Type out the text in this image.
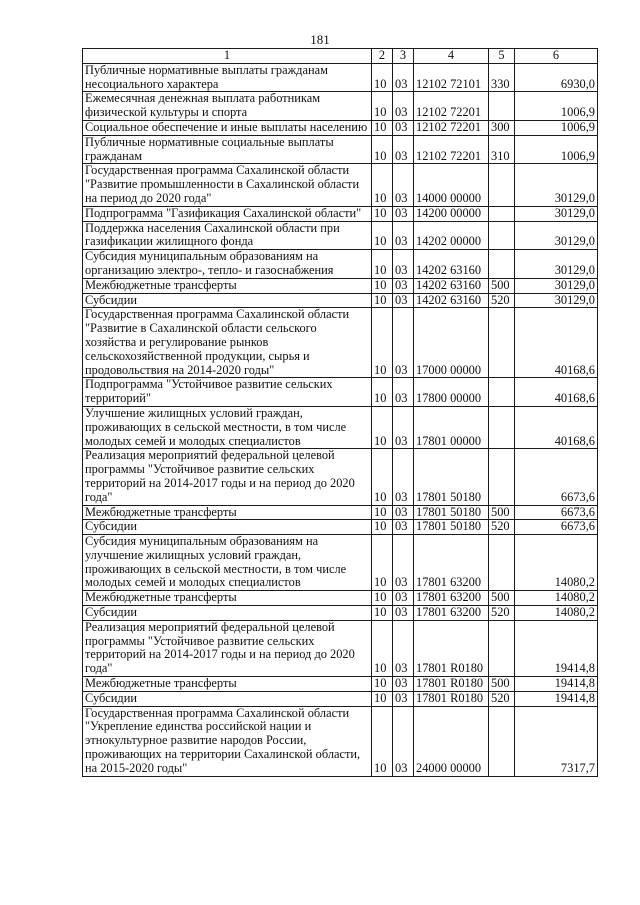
181
1	2	3	4	5	6
Публичные нормативные выплаты гражданам несоциального характера	10	03	12102 72101	330	6930,0
Ежемесячная денежная выплата работникам физической культуры и спорта	10	03	12102 72201		1006,9
Социальное обеспечение и иные выплаты населению	10	03	12102 72201	300	1006,9
Публичные нормативные социальные выплаты гражданам	10	03	12102 72201	310	1006,9
Государственная программа Сахалинской области "Развитие промышленности в Сахалинской области на период до 2020 года"	10	03	14000 00000		30129,0
Подпрограмма "Газификация Сахалинской области"	10	03	14200 00000		30129,0
Поддержка населения Сахалинской области при газификации жилищного фонда	10	03	14202 00000		30129,0
Субсидия муниципальным образованиям на организацию электро-, тепло- и газоснабжения	10	03	14202 63160		30129,0
Межбюджетные трансферты	10	03	14202 63160	500	30129,0
Субсидии	10	03	14202 63160	520	30129,0
Государственная программа Сахалинской области "Развитие в Сахалинской области сельского хозяйства и регулирование рынков сельскохозяйственной продукции, сырья и продовольствия на 2014-2020 годы"	10	03	17000 00000		40168,6
Подпрограмма "Устойчивое развитие сельских территорий"	10	03	17800 00000		40168,6
Улучшение жилищных условий граждан, проживающих в сельской местности, в том числе молодых семей и молодых специалистов	10	03	17801 00000		40168,6
Реализация мероприятий федеральной целевой программы "Устойчивое развитие сельских территорий на 2014-2017 годы и на период до 2020 года"	10	03	17801 50180		6673,6
Межбюджетные трансферты	10	03	17801 50180	500	6673,6
Субсидии	10	03	17801 50180	520	6673,6
Субсидия муниципальным образованиям на улучшение жилищных условий граждан, проживающих в сельской местности, в том числе молодых семей и молодых специалистов	10	03	17801 63200		14080,2
Межбюджетные трансферты	10	03	17801 63200	500	14080,2
Субсидии	10	03	17801 63200	520	14080,2
Реализация мероприятий федеральной целевой программы "Устойчивое развитие сельских территорий на 2014-2017 годы и на период до 2020 года"	10	03	17801 R0180		19414,8
Межбюджетные трансферты	10	03	17801 R0180	500	19414,8
Субсидии	10	03	17801 R0180	520	19414,8
Государственная программа Сахалинской области "Укрепление единства российской нации и этнокультурное развитие народов России, проживающих на территории Сахалинской области, на 2015-2020 годы"	10	03	24000 00000		7317,7
